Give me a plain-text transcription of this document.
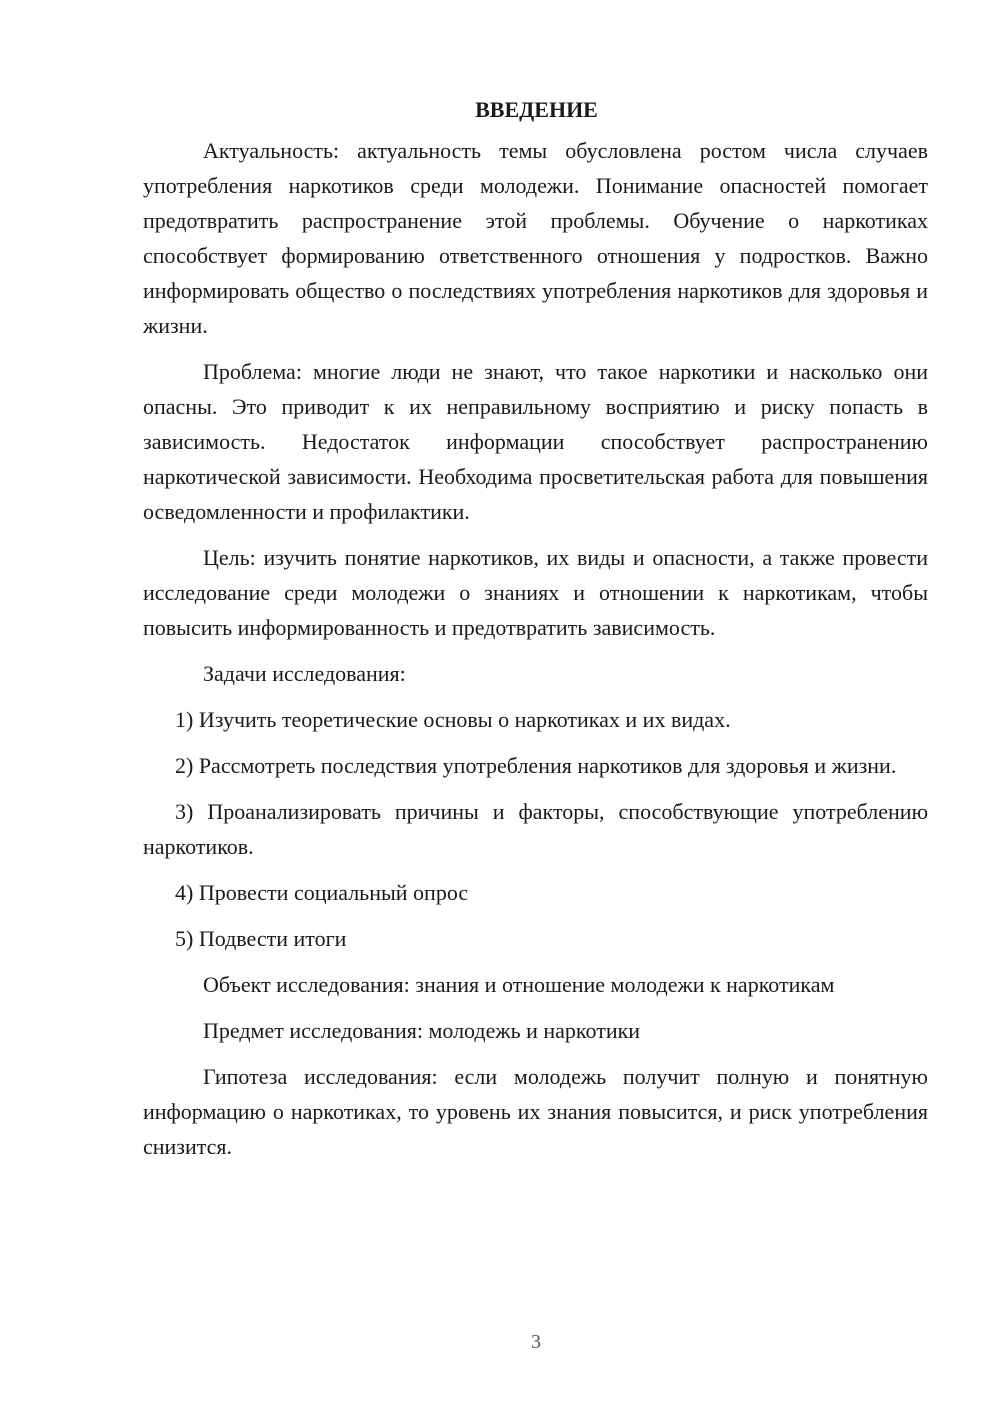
ВВЕДЕНИЕ

Актуальность: актуальность темы обусловлена ростом числа случаев употребления наркотиков среди молодежи. Понимание опасностей помогает предотвратить распространение этой проблемы. Обучение о наркотиках способствует формированию ответственного отношения у подростков. Важно информировать общество о последствиях употребления наркотиков для здоровья и жизни.

Проблема: многие люди не знают, что такое наркотики и насколько они опасны. Это приводит к их неправильному восприятию и риску попасть в зависимость. Недостаток информации способствует распространению наркотической зависимости. Необходима просветительская работа для повышения осведомленности и профилактики.

Цель: изучить понятие наркотиков, их виды и опасности, а также провести исследование среди молодежи о знаниях и отношении к наркотикам, чтобы повысить информированность и предотвратить зависимость.

Задачи исследования:

1) Изучить теоретические основы о наркотиках и их видах.

2) Рассмотреть последствия употребления наркотиков для здоровья и жизни.

3) Проанализировать причины и факторы, способствующие употреблению наркотиков.

4) Провести социальный опрос

5) Подвести итоги

Объект исследования: знания и отношение молодежи к наркотикам

Предмет исследования: молодежь и наркотики

Гипотеза исследования: если молодежь получит полную и понятную информацию о наркотиках, то уровень их знания повысится, и риск употребления снизится.

3
